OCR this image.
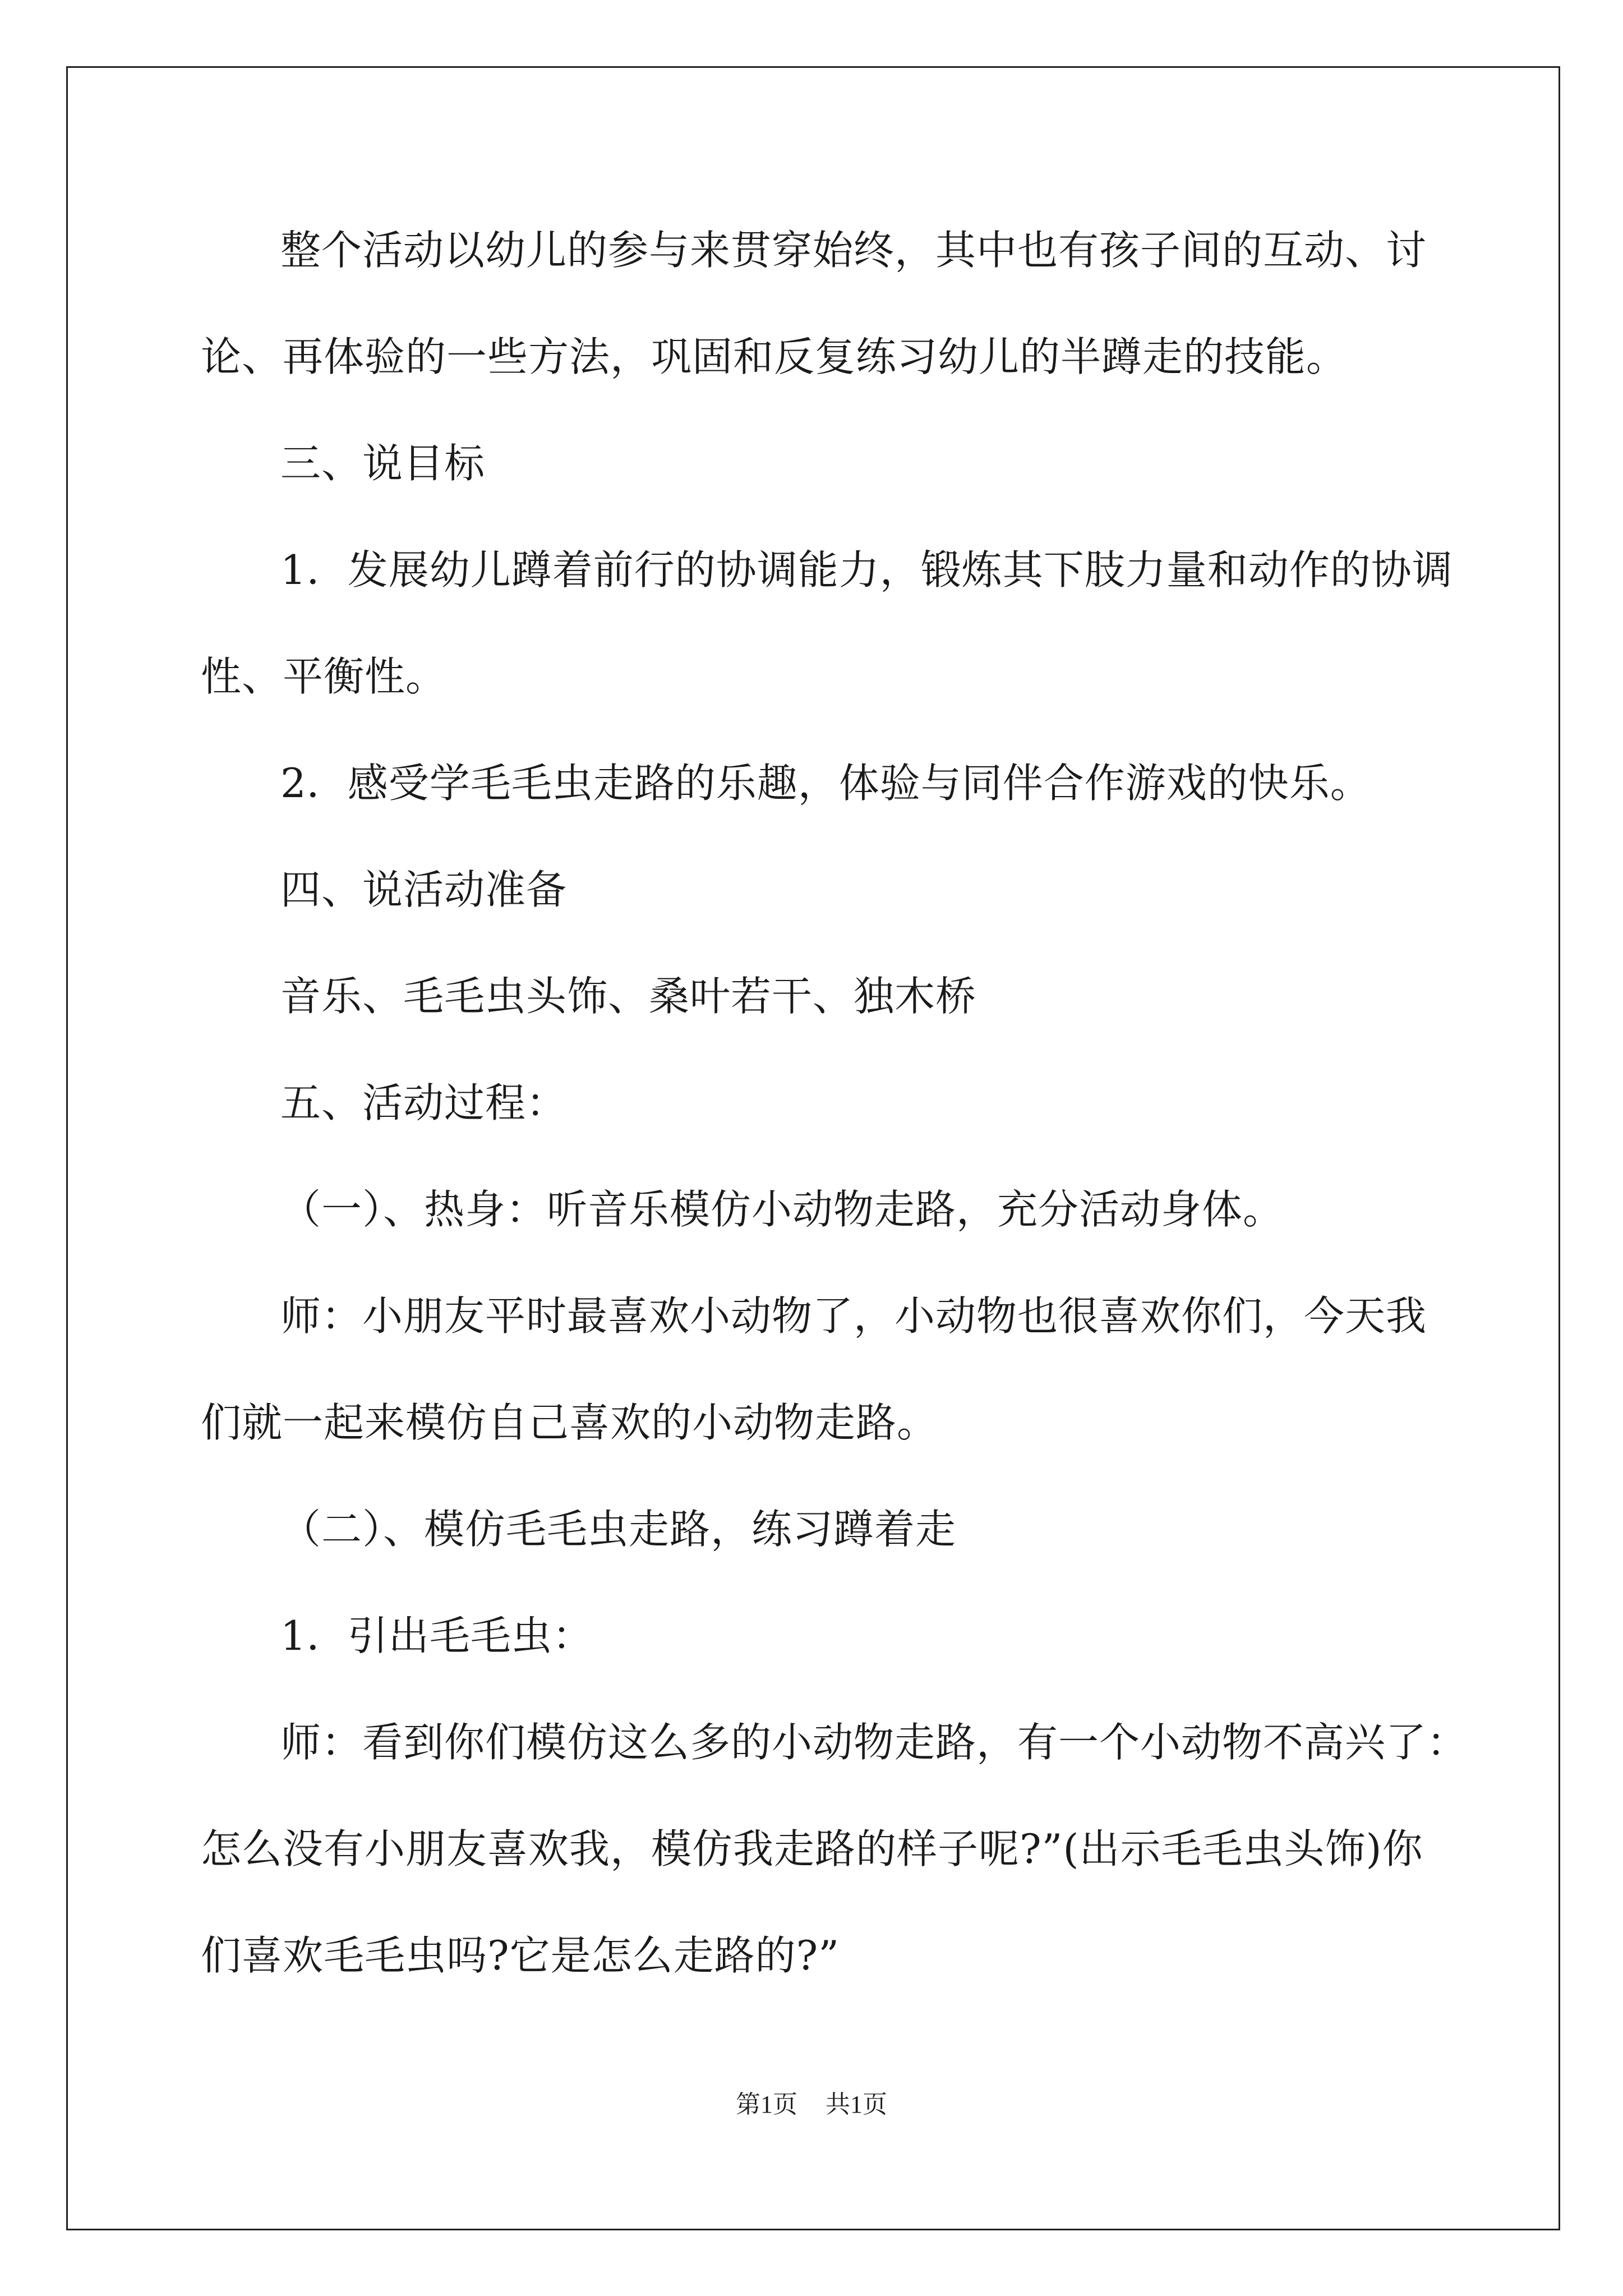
整个活动以幼儿的参与来贯穿始终，其中也有孩子间的互动、讨
论、再体验的一些方法，巩固和反复练习幼儿的半蹲走的技能。
三、说目标
1．发展幼儿蹲着前行的协调能力，锻炼其下肢力量和动作的协调
性、平衡性。
2．感受学毛毛虫走路的乐趣，体验与同伴合作游戏的快乐。
四、说活动准备
音乐、毛毛虫头饰、桑叶若干、独木桥
五、活动过程：
（一）、热身：听音乐模仿小动物走路，充分活动身体。
师：小朋友平时最喜欢小动物了，小动物也很喜欢你们，今天我
们就一起来模仿自己喜欢的小动物走路。
（二）、模仿毛毛虫走路，练习蹲着走
1．引出毛毛虫：
师：看到你们模仿这么多的小动物走路，有一个小动物不高兴了：
怎么没有小朋友喜欢我，模仿我走路的样子呢?”(出示毛毛虫头饰)你
们喜欢毛毛虫吗?它是怎么走路的?”
第1页 共1页
